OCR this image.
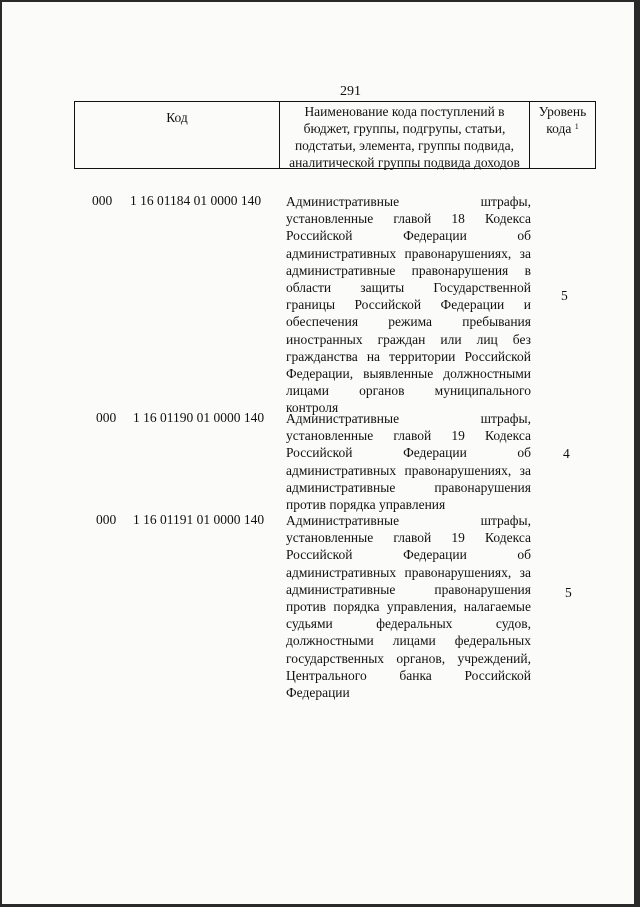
291
Код	Наименование кода поступлений в
бюджет, группы, подгрупы, статьи,
подстатьи, элемента, группы подвида,
аналитической группы подвида доходов
Уровень
кода $^1$
000 1 16 01184 01 0000 140 Административные штрафы,
установленные главой 18 Кодекса
Российской Федерации об
административных правонарушениях, за
административные правонарушения в
области защиты Государственной
границы Российской Федерации и
обеспечения режима пребывания
иностранных граждан или лиц без
гражданства на территории Российской
Федерации, выявленные должностными
лицами органов муниципального
контроля
5
000 1 16 01190 01 0000 140 Административные штрафы,
установленные главой 19 Кодекса
Российской Федерации об
административных правонарушениях, за
административные правонарушения
против порядка управления
4
000 1 16 01191 01 0000 140 Административные штрафы,
установленные главой 19 Кодекса
Российской Федерации об
административных правонарушениях, за
административные правонарушения
против порядка управления, налагаемые
судьями федеральных судов,
должностными лицами федеральных
государственных органов, учреждений,
Центрального банка Российской
Федерации
5
